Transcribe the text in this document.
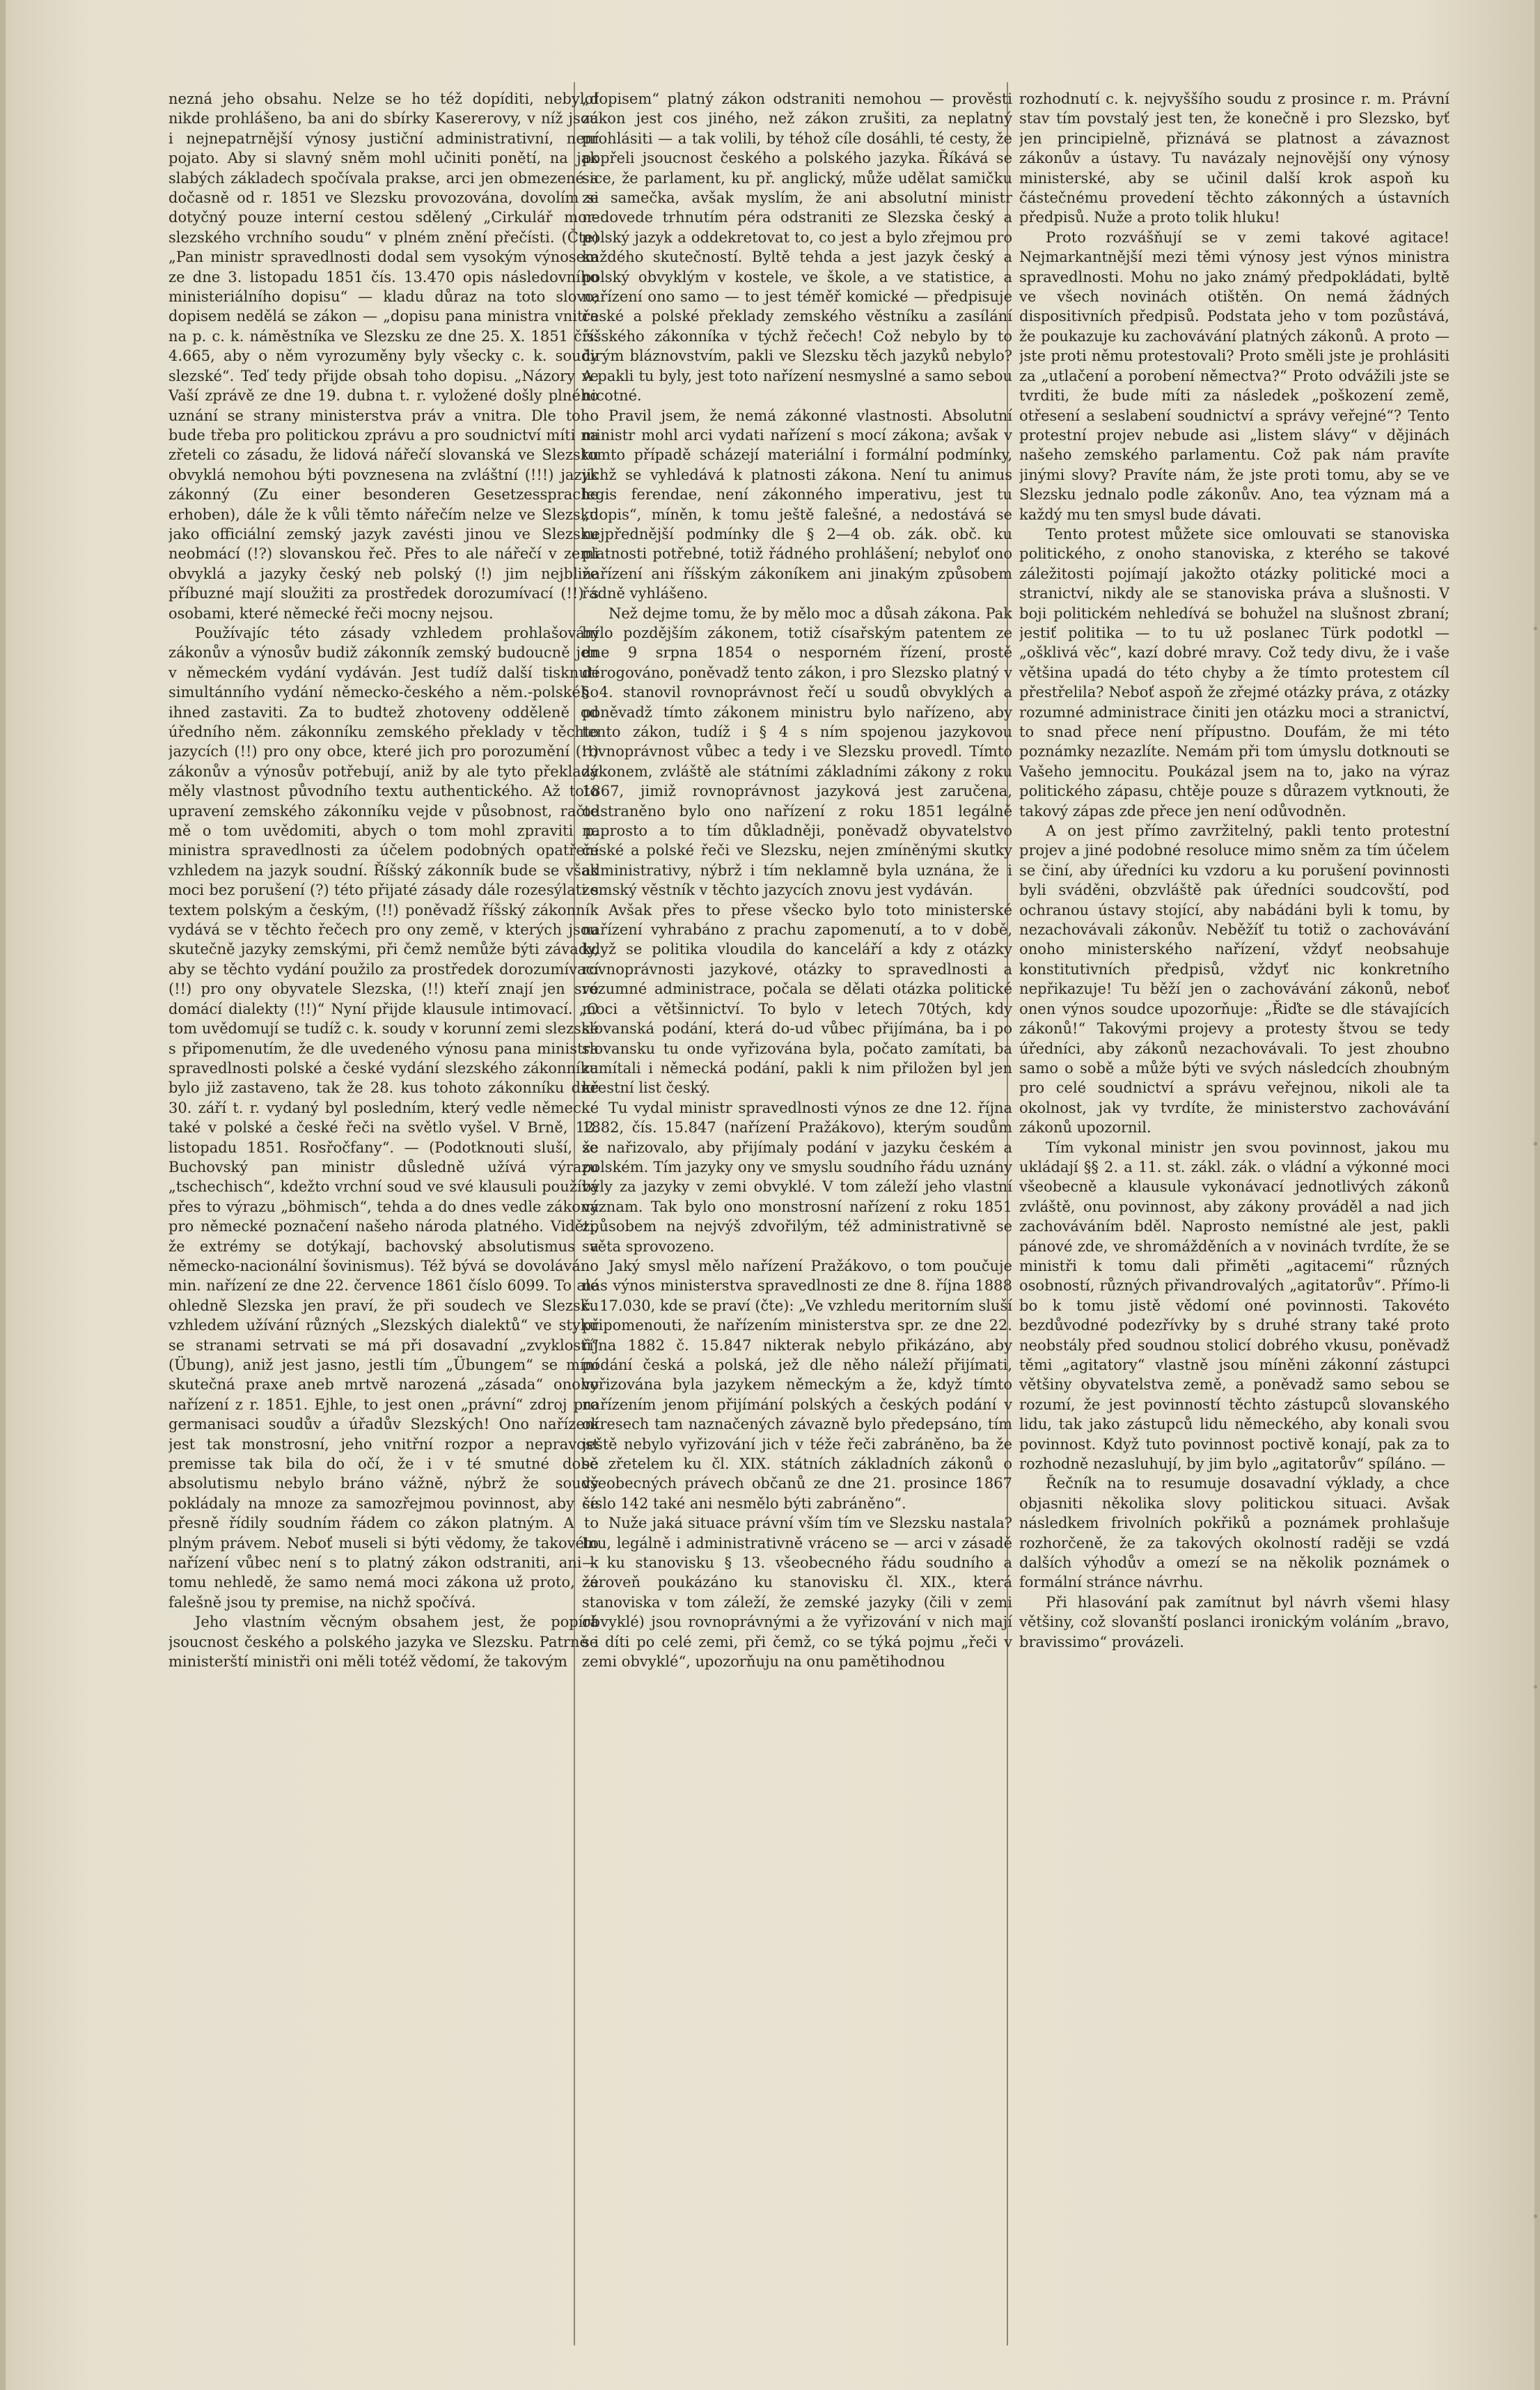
nezná jeho obsahu. Nelze se ho též dopíditi, nebylof nikde prohlášeno, ba ani do sbírky Kasererovy, v níž jsou i nejnepatrnější výnosy justiční administrativní, není pojato. Aby si slavný sněm mohl učiniti ponětí, na jak slabých základech spočívala prakse, arci jen obmezené a dočasně od r. 1851 ve Slezsku provozována, dovolím si dotyčný pouze interní cestou sdělený „Cirkulář mor-slezského vrchního soudu“ v plném znění přečísti. (Čte) „Pan ministr spravedlnosti dodal sem vysokým výnosem ze dne 3. listopadu 1851 čís. 13.470 opis následovního ministeriálního dopisu“ — kladu důraz na toto slovo; dopisem nedělá se zákon — „dopisu pana ministra vnitra na p. c. k. náměstníka ve Slezsku ze dne 25. X. 1851 čís. 4.665, aby o něm vyrozuměny byly všecky c. k. soudy slezské“. Teď tedy přijde obsah toho dopisu. „Názory ve Vaší zprávě ze dne 19. dubna t. r. vyložené došly plného uznání se strany ministerstva práv a vnitra. Dle toho bude třeba pro politickou zprávu a pro soudnictví míti na zřeteli co zásadu, že lidová nářečí slovanská ve Slezsku obvyklá nemohou býti povznesena na zvláštní (!!!) jazyk zákonný (Zu einer besonderen Gesetzessprache erhoben), dále že k vůli těmto nářečím nelze ve Slezsku jako officiální zemský jazyk zavésti jinou ve Slezsku neobmácí (!?) slovanskou řeč. Přes to ale nářečí v zemi obvyklá a jazyky český neb polský (!) jim nejbliže příbuzné mají sloužiti za prostředek dorozumívací (!!) s osobami, které německé řeči mocny nejsou.

Používajíc této zásady vzhledem prohlašování zákonův a výnosův budiž zákonník zemský budoucně jen v německém vydání vydáván. Jest tudíž další tisknutí simultánního vydání německo-českého a něm.-polského ihned zastaviti. Za to budtež zhotoveny odděleně od úředního něm. zákonníku zemského překlady v těchto jazycích (!!) pro ony obce, které jich pro porozumění (!!) zákonův a výnosův potřebují, aniž by ale tyto překlady měly vlastnost původního textu authentického. Až toto upravení zemského zákonníku vejde v působnost, račte mě o tom uvědomiti, abych o tom mohl zpraviti p. ministra spravedlnosti za účelem podobných opatření vzhledem na jazyk soudní. Říšský zákonník bude se však moci bez porušení (?) této přijaté zásady dále rozesýlati s textem polským a českým, (!!) poněvadž říšský zákonník vydává se v těchto řečech pro ony země, v kterých jsou skutečně jazyky zemskými, při čemž nemůže býti závady, aby se těchto vydání použilo za prostředek dorozumívací (!!) pro ony obyvatele Slezska, (!!) kteří znají jen své domácí dialekty (!!)“ Nyní přijde klausule intimovací. „O tom uvědomují se tudíž c. k. soudy v korunní zemi slezské s připomenutím, že dle uvedeného výnosu pana ministra spravedlnosti polské a české vydání slezského zákonníku bylo již zastaveno, tak že 28. kus tohoto zákonníku dne 30. září t. r. vydaný byl posledním, který vedle německé také v polské a české řeči na světlo vyšel. V Brně, 12. listopadu 1851. Rosřočfany“. — (Podotknouti sluší, že Buchovský pan ministr důsledně užívá výrazu „tschechisch“, kdežto vrchní soud ve své klausuli používá přes to výrazu „böhmisch“, tehda a do dnes vedle zákona pro německé poznačení našeho národa platného. Viděti, že extrémy se dotýkají, bachovský absolutismus a německo-nacionální šovinismus). Též bývá se dovoláváno min. nařízení ze dne 22. července 1861 číslo 6099. To ale ohledně Slezska jen praví, že při soudech ve Slezsku vzhledem užívání různých „Slezských dialektů“ ve styku se stranami setrvati se má při dosavadní „zvyklosti“ (Übung), aniž jest jasno, jestli tím „Übungem“ se míní skutečná praxe aneb mrtvě narozená „zásada“ onoho nařízení z r. 1851. Ejhle, to jest onen „právní“ zdroj pro germanisaci soudův a úřadův Slezských! Ono nařízení jest tak monstrosní, jeho vnitřní rozpor a nepravost premisse tak bila do očí, že i v té smutné době absolutismu nebylo bráno vážně, nýbrž že soudy pokládaly na mnoze za samozřejmou povinnost, aby se přesně řídily soudním řádem co zákon platným. A to plným právem. Neboť museli si býti vědomy, že takovéto nařízení vůbec není s to platný zákon odstraniti, ani k tomu nehledě, že samo nemá moci zákona už proto, že falešně jsou ty premise, na nichž spočívá.

Jeho vlastním věcným obsahem jest, že popírá jsoucnost českého a polského jazyka ve Slezsku. Patrně i ministerští ministři oni měli totéž vědomí, že takovým

„dopisem“ platný zákon odstraniti nemohou — prověsti zákon jest cos jiného, než zákon zrušiti, za neplatný prohlásiti — a tak volili, by téhož cíle dosáhli, té cesty, že popřeli jsoucnost českého a polského jazyka. Říkává se sice, že parlament, ku př. anglický, může udělat samičku ze samečka, avšak myslím, že ani absolutní ministr nedovede trhnutím péra odstraniti ze Slezska český a polský jazyk a oddekretovat to, co jest a bylo zřejmou pro každého skutečností. Byltě tehda a jest jazyk český a polský obvyklým v kostele, ve škole, a ve statistice, a nařízení ono samo — to jest téměř komické — předpisuje české a polské překlady zemského věstníku a zasílání říšského zákonníka v týchž řečech! Což nebylo by to čirým bláznovstvím, pakli ve Slezsku těch jazyků nebylo? A pakli tu byly, jest toto nařízení nesmyslné a samo sebou nicotné.

Pravil jsem, že nemá zákonné vlastnosti. Absolutní ministr mohl arci vydati nařízení s mocí zákona; avšak v tomto případě scházejí materiální i formální podmínky, jichž se vyhledává k platnosti zákona. Není tu animus legis ferendae, není zákonného imperativu, jest tu „dopis“, míněn, k tomu ještě falešné, a nedostává se nejpřednější podmínky dle § 2—4 ob. zák. obč. ku platnosti potřebné, totiž řádného prohlášení; nebyloť ono nařízení ani říšským zákoníkem ani jinakým způsobem řádně vyhlášeno.

Než dejme tomu, že by mělo moc a důsah zákona. Pak bylo pozdějším zákonem, totiž císařským patentem ze dne 9 srpna 1854 o nesporném řízení, prostě derogováno, poněvadž tento zákon, i pro Slezsko platný v § 4. stanovil rovnoprávnost řečí u soudů obvyklých a poněvadž tímto zákonem ministru bylo nařízeno, aby tento zákon, tudíž i § 4 s ním spojenou jazykovou rovnoprávnost vůbec a tedy i ve Slezsku provedl. Tímto zákonem, zvláště ale státními základními zákony z roku 1867, jimiž rovnoprávnost jazyková jest zaručena, odstraněno bylo ono nařízení z roku 1851 legálně naprosto a to tím důkladněji, poněvadž obyvatelstvo české a polské řeči ve Slezsku, nejen zmíněnými skutky administrativy, nýbrž i tím neklamně byla uznána, že i zemský věstník v těchto jazycích znovu jest vydáván.

Avšak přes to přese všecko bylo toto ministerské nařízení vyhrabáno z prachu zapomenutí, a to v době, když se politika vloudila do kanceláří a kdy z otázky rovnoprávnosti jazykové, otázky to spravedlnosti a rozumné administrace, počala se dělati otázka politické moci a většinnictví. To bylo v letech 70tých, kdy slovanská podání, která do-ud vůbec přijímána, ba i po slovansku tu onde vyřizována byla, počato zamítati, ba zamítali i německá podání, pakli k nim přiložen byl jen křestní list český.

Tu vydal ministr spravedlnosti výnos ze dne 12. října 1882, čís. 15.847 (nařízení Pražákovo), kterým soudům se nařizovalo, aby přijímaly podání v jazyku českém a polském. Tím jazyky ony ve smyslu soudního řádu uznány byly za jazyky v zemi obvyklé. V tom záleží jeho vlastní význam. Tak bylo ono monstrosní nařízení z roku 1851 způsobem na nejvýš zdvořilým, též administrativně se světa sprovozeno.

Jaký smysl mělo nařízení Pražákovo, o tom poučuje nás výnos ministerstva spravedlnosti ze dne 8. října 1888 č. 17.030, kde se praví (čte): „Ve vzhledu meritorním sluší připomenouti, že nařízením ministerstva spr. ze dne 22. října 1882 č. 15.847 nikterak nebylo přikázáno, aby podání česká a polská, jež dle něho náleží přijímati, vyřizována byla jazykem německým a že, když tímto nařízením jenom přijímání polských a českých podání v okresech tam naznačených závazně bylo předepsáno, tím ještě nebylo vyřizování jich v téže řeči zabráněno, ba že se zřetelem ku čl. XIX. státních základních zákonů o všeobecných právech občanů ze dne 21. prosince 1867 číslo 142 také ani nesmělo býti zabráněno“.

Nuže jaká situace právní vším tím ve Slezsku nastala? Inu, legálně i administrativně vráceno se — arci v zásadě — ku stanovisku § 13. všeobecného řádu soudního a zároveň poukázáno ku stanovisku čl. XIX., která stanoviska v tom záleží, že zemské jazyky (čili v zemi obvyklé) jsou rovnoprávnými a že vyřizování v nich mají se díti po celé zemi, při čemž, co se týká pojmu „řeči v zemi obvyklé“, upozorňuju na onu pamětihodnou

rozhodnutí c. k. nejvyššího soudu z prosince r. m. Právní stav tím povstalý jest ten, že konečně i pro Slezsko, byť jen principielně, přiznává se platnost a závaznost zákonův a ústavy. Tu navázaly nejnovější ony výnosy ministerské, aby se učinil další krok aspoň ku částečnému provedení těchto zákonných a ústavních předpisů. Nuže a proto tolik hluku!

Proto rozvášňují se v zemi takové agitace! Nejmarkantnější mezi těmi výnosy jest výnos ministra spravedlnosti. Mohu no jako známý předpokládati, byltě ve všech novinách otištěn. On nemá žádných dispositivních předpisů. Podstata jeho v tom pozůstává, že poukazuje ku zachovávání platných zákonů. A proto — jste proti němu protestovali? Proto směli jste je prohlásiti za „utlačení a porobení němectva?“ Proto odvážili jste se tvrditi, že bude míti za následek „poškození země, otřesení a seslabení soudnictví a správy veřejné“? Tento protestní projev nebude asi „listem slávy“ v dějinách našeho zemského parlamentu. Což pak nám pravíte jinými slovy? Pravíte nám, že jste proti tomu, aby se ve Slezsku jednalo podle zákonův. Ano, tea význam má a každý mu ten smysl bude dávati.

Tento protest můžete sice omlouvati se stanoviska politického, z onoho stanoviska, z kterého se takové záležitosti pojímají jakožto otázky politické moci a stranictví, nikdy ale se stanoviska práva a slušnosti. V boji politickém nehledívá se bohužel na slušnost zbraní; jestiť politika — to tu už poslanec Türk podotkl — „ošklivá věc“, kazí dobré mravy. Což tedy divu, že i vaše většina upadá do této chyby a že tímto protestem cíl přestřelila? Neboť aspoň že zřejmé otázky práva, z otázky rozumné administrace činiti jen otázku moci a stranictví, to snad přece není přípustno. Doufám, že mi této poznámky nezazlíte. Nemám při tom úmyslu dotknouti se Vašeho jemnocitu. Poukázal jsem na to, jako na výraz politického zápasu, chtěje pouze s důrazem vytknouti, že takový zápas zde přece jen není odůvodněn.

A on jest přímo zavržitelný, pakli tento protestní projev a jiné podobné resoluce mimo sněm za tím účelem se činí, aby úředníci ku vzdoru a ku porušení povinnosti byli sváděni, obzvláště pak úředníci soudcovští, pod ochranou ústavy stojící, aby nabádáni byli k tomu, by nezachovávali zákonův. Neběžíť tu totiž o zachovávání onoho ministerského nařízení, vždyť neobsahuje konstitutivních předpisů, vždyť nic konkretního nepřikazuje! Tu běží jen o zachovávání zákonů, neboť onen výnos soudce upozorňuje: „Řiďte se dle stávajících zákonů!“ Takovými projevy a protesty štvou se tedy úředníci, aby zákonů nezachovávali. To jest zhoubno samo o sobě a může býti ve svých následcích zhoubným pro celé soudnictví a správu veřejnou, nikoli ale ta okolnost, jak vy tvrdíte, že ministerstvo zachovávání zákonů upozornil.

Tím vykonal ministr jen svou povinnost, jakou mu ukládají §§ 2. a 11. st. zákl. zák. o vládní a výkonné moci všeobecně a klausule vykonávací jednotlivých zákonů zvláště, onu povinnost, aby zákony prováděl a nad jich zachováváním bděl. Naprosto nemístné ale jest, pakli pánové zde, ve shromážděních a v novinách tvrdíte, že se ministři k tomu dali přiměti „agitacemi“ různých osobností, různých přivandrovalých „agitatorův“. Přímo-li bo k tomu jistě vědomí oné povinnosti. Takovéto bezdůvodné podezřívky by s druhé strany také proto neobstály před soudnou stolicí dobrého vkusu, poněvadž těmi „agitatory“ vlastně jsou míněni zákonní zástupci většiny obyvatelstva země, a poněvadž samo sebou se rozumí, že jest povinností těchto zástupců slovanského lidu, tak jako zástupců lidu německého, aby konali svou povinnost. Když tuto povinnost poctivě konají, pak za to rozhodně nezasluhují, by jim bylo „agitatorův“ spíláno. —

Řečník na to resumuje dosavadní výklady, a chce objasniti několika slovy politickou situaci. Avšak následkem frivolních pokřiků a poznámek prohlašuje rozhorčeně, že za takových okolností raději se vzdá dalších výhodův a omezí se na několik poznámek o formální stránce návrhu.

Při hlasování pak zamítnut byl návrh všemi hlasy většiny, což slovanští poslanci ironickým voláním „bravo, bravissimo“ provázeli.
